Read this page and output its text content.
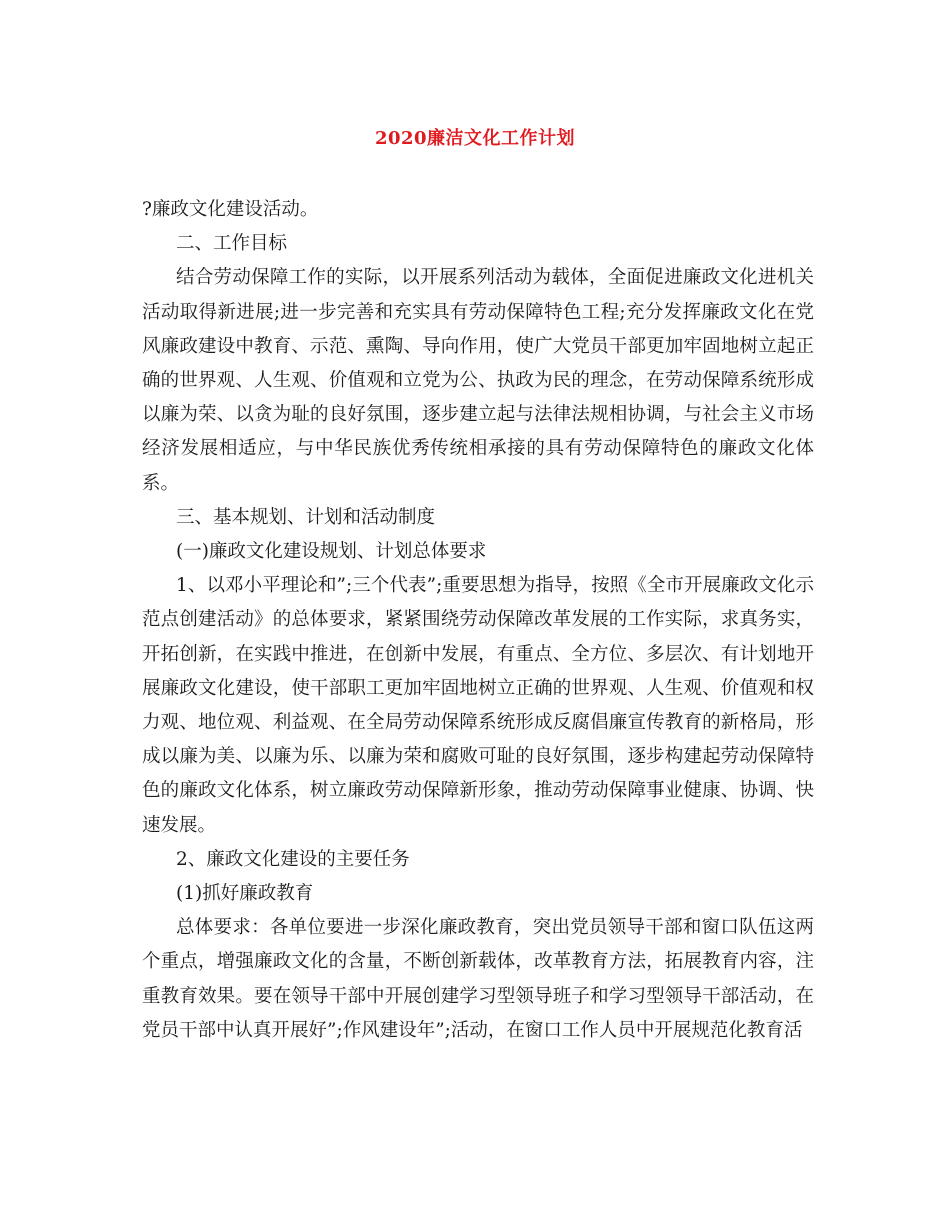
2020廉洁文化工作计划

?廉政文化建设活动。

二、工作目标

结合劳动保障工作的实际，以开展系列活动为载体，全面促进廉政文化进机关活动取得新进展;进一步完善和充实具有劳动保障特色工程;充分发挥廉政文化在党风廉政建设中教育、示范、熏陶、导向作用，使广大党员干部更加牢固地树立起正确的世界观、人生观、价值观和立党为公、执政为民的理念，在劳动保障系统形成以廉为荣、以贪为耻的良好氛围，逐步建立起与法律法规相协调，与社会主义市场经济发展相适应，与中华民族优秀传统相承接的具有劳动保障特色的廉政文化体系。

三、基本规划、计划和活动制度

(一)廉政文化建设规划、计划总体要求

1、以邓小平理论和”;三个代表”;重要思想为指导，按照《全市开展廉政文化示范点创建活动》的总体要求，紧紧围绕劳动保障改革发展的工作实际，求真务实，开拓创新，在实践中推进，在创新中发展，有重点、全方位、多层次、有计划地开展廉政文化建设，使干部职工更加牢固地树立正确的世界观、人生观、价值观和权力观、地位观、利益观、在全局劳动保障系统形成反腐倡廉宣传教育的新格局，形成以廉为美、以廉为乐、以廉为荣和腐败可耻的良好氛围，逐步构建起劳动保障特色的廉政文化体系，树立廉政劳动保障新形象，推动劳动保障事业健康、协调、快速发展。

2、廉政文化建设的主要任务

(1)抓好廉政教育

总体要求：各单位要进一步深化廉政教育，突出党员领导干部和窗口队伍这两个重点，增强廉政文化的含量，不断创新载体，改革教育方法，拓展教育内容，注重教育效果。要在领导干部中开展创建学习型领导班子和学习型领导干部活动，在党员干部中认真开展好”;作风建设年”;活动，在窗口工作人员中开展规范化教育活
